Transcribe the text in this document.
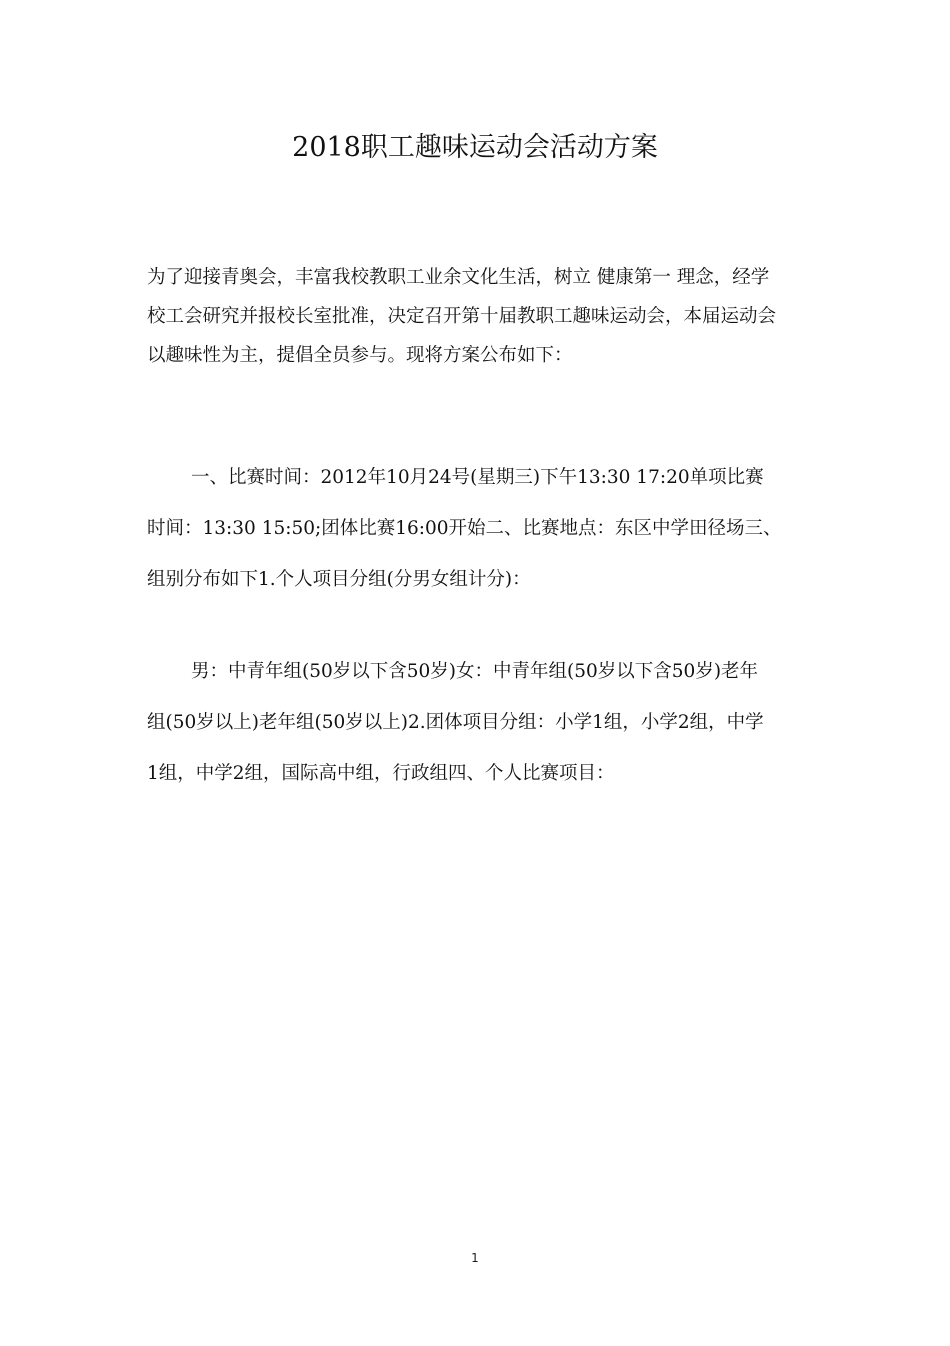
2018职工趣味运动会活动方案
为了迎接青奥会，丰富我校教职工业余文化生活，树立 健康第一 理念，经学
校工会研究并报校长室批准，决定召开第十届教职工趣味运动会，本届运动会
以趣味性为主，提倡全员参与。现将方案公布如下：
一、比赛时间：2012年10月24号(星期三)下午13:30 17:20单项比赛
时间：13:30 15:50;团体比赛16:00开始二、比赛地点：东区中学田径场三、
组别分布如下1.个人项目分组(分男女组计分)：
男：中青年组(50岁以下含50岁)女：中青年组(50岁以下含50岁)老年
组(50岁以上)老年组(50岁以上)2.团体项目分组：小学1组，小学2组，中学
1组，中学2组，国际高中组，行政组四、个人比赛项目：
1
